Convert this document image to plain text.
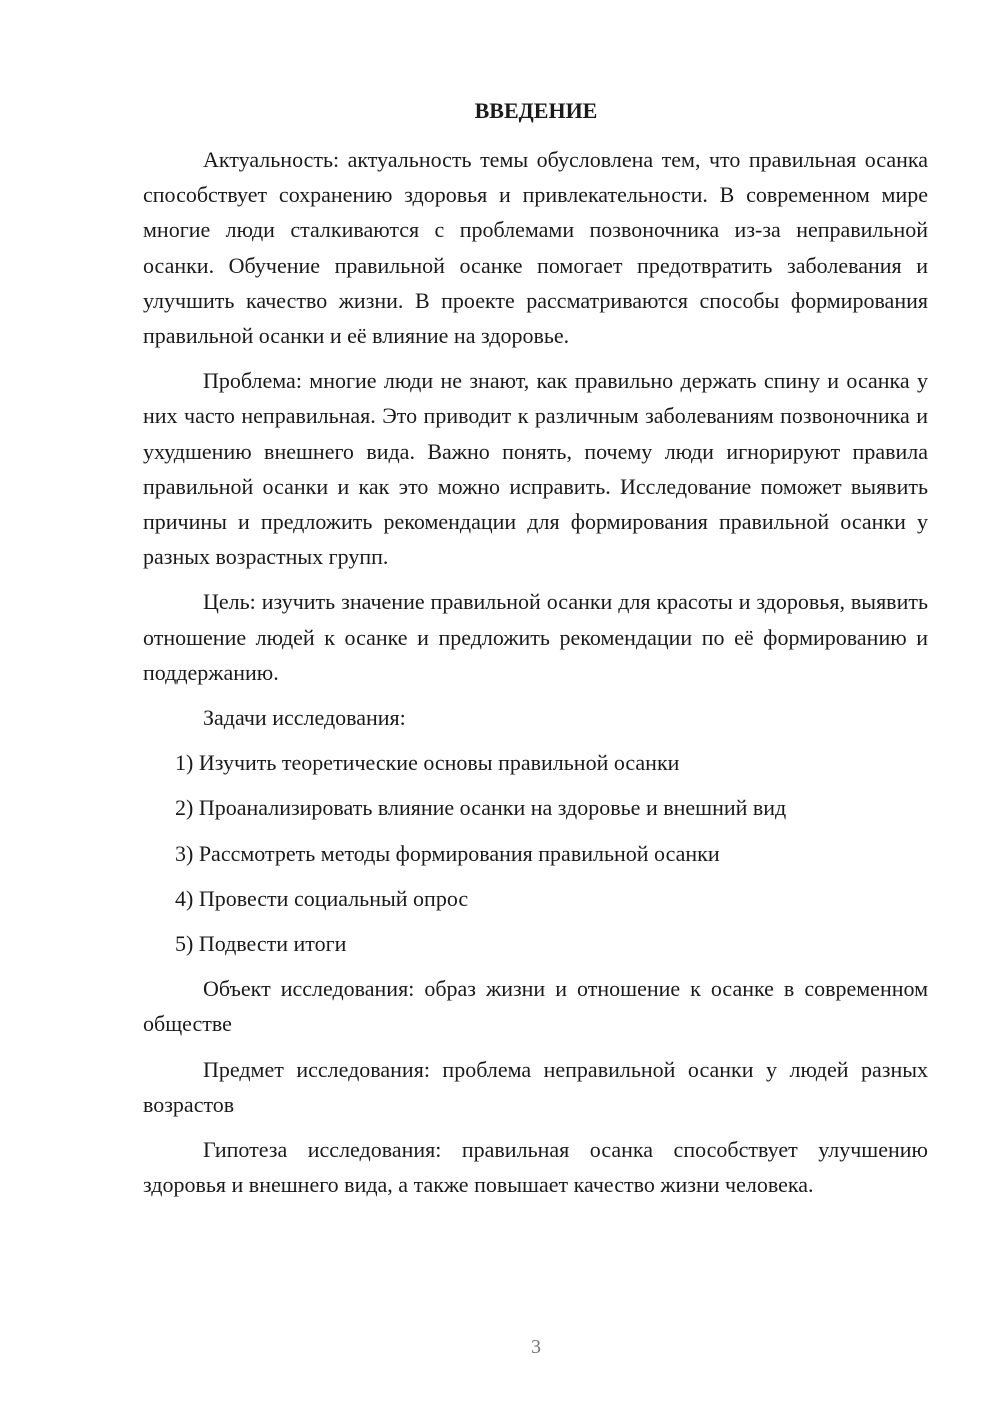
ВВЕДЕНИЕ

Актуальность: актуальность темы обусловлена тем, что правильная осанка способствует сохранению здоровья и привлекательности. В современном мире многие люди сталкиваются с проблемами позвоночника из-за неправильной осанки. Обучение правильной осанке помогает предотвратить заболевания и улучшить качество жизни. В проекте рассматриваются способы формирования правильной осанки и её влияние на здоровье.

Проблема: многие люди не знают, как правильно держать спину и осанка у них часто неправильная. Это приводит к различным заболеваниям позвоночника и ухудшению внешнего вида. Важно понять, почему люди игнорируют правила правильной осанки и как это можно исправить. Исследование поможет выявить причины и предложить рекомендации для формирования правильной осанки у разных возрастных групп.

Цель: изучить значение правильной осанки для красоты и здоровья, выявить отношение людей к осанке и предложить рекомендации по её формированию и поддержанию.

Задачи исследования:

1) Изучить теоретические основы правильной осанки
2) Проанализировать влияние осанки на здоровье и внешний вид
3) Рассмотреть методы формирования правильной осанки
4) Провести социальный опрос
5) Подвести итоги

Объект исследования: образ жизни и отношение к осанке в современном обществе

Предмет исследования: проблема неправильной осанки у людей разных возрастов

Гипотеза исследования: правильная осанка способствует улучшению здоровья и внешнего вида, а также повышает качество жизни человека.

3
